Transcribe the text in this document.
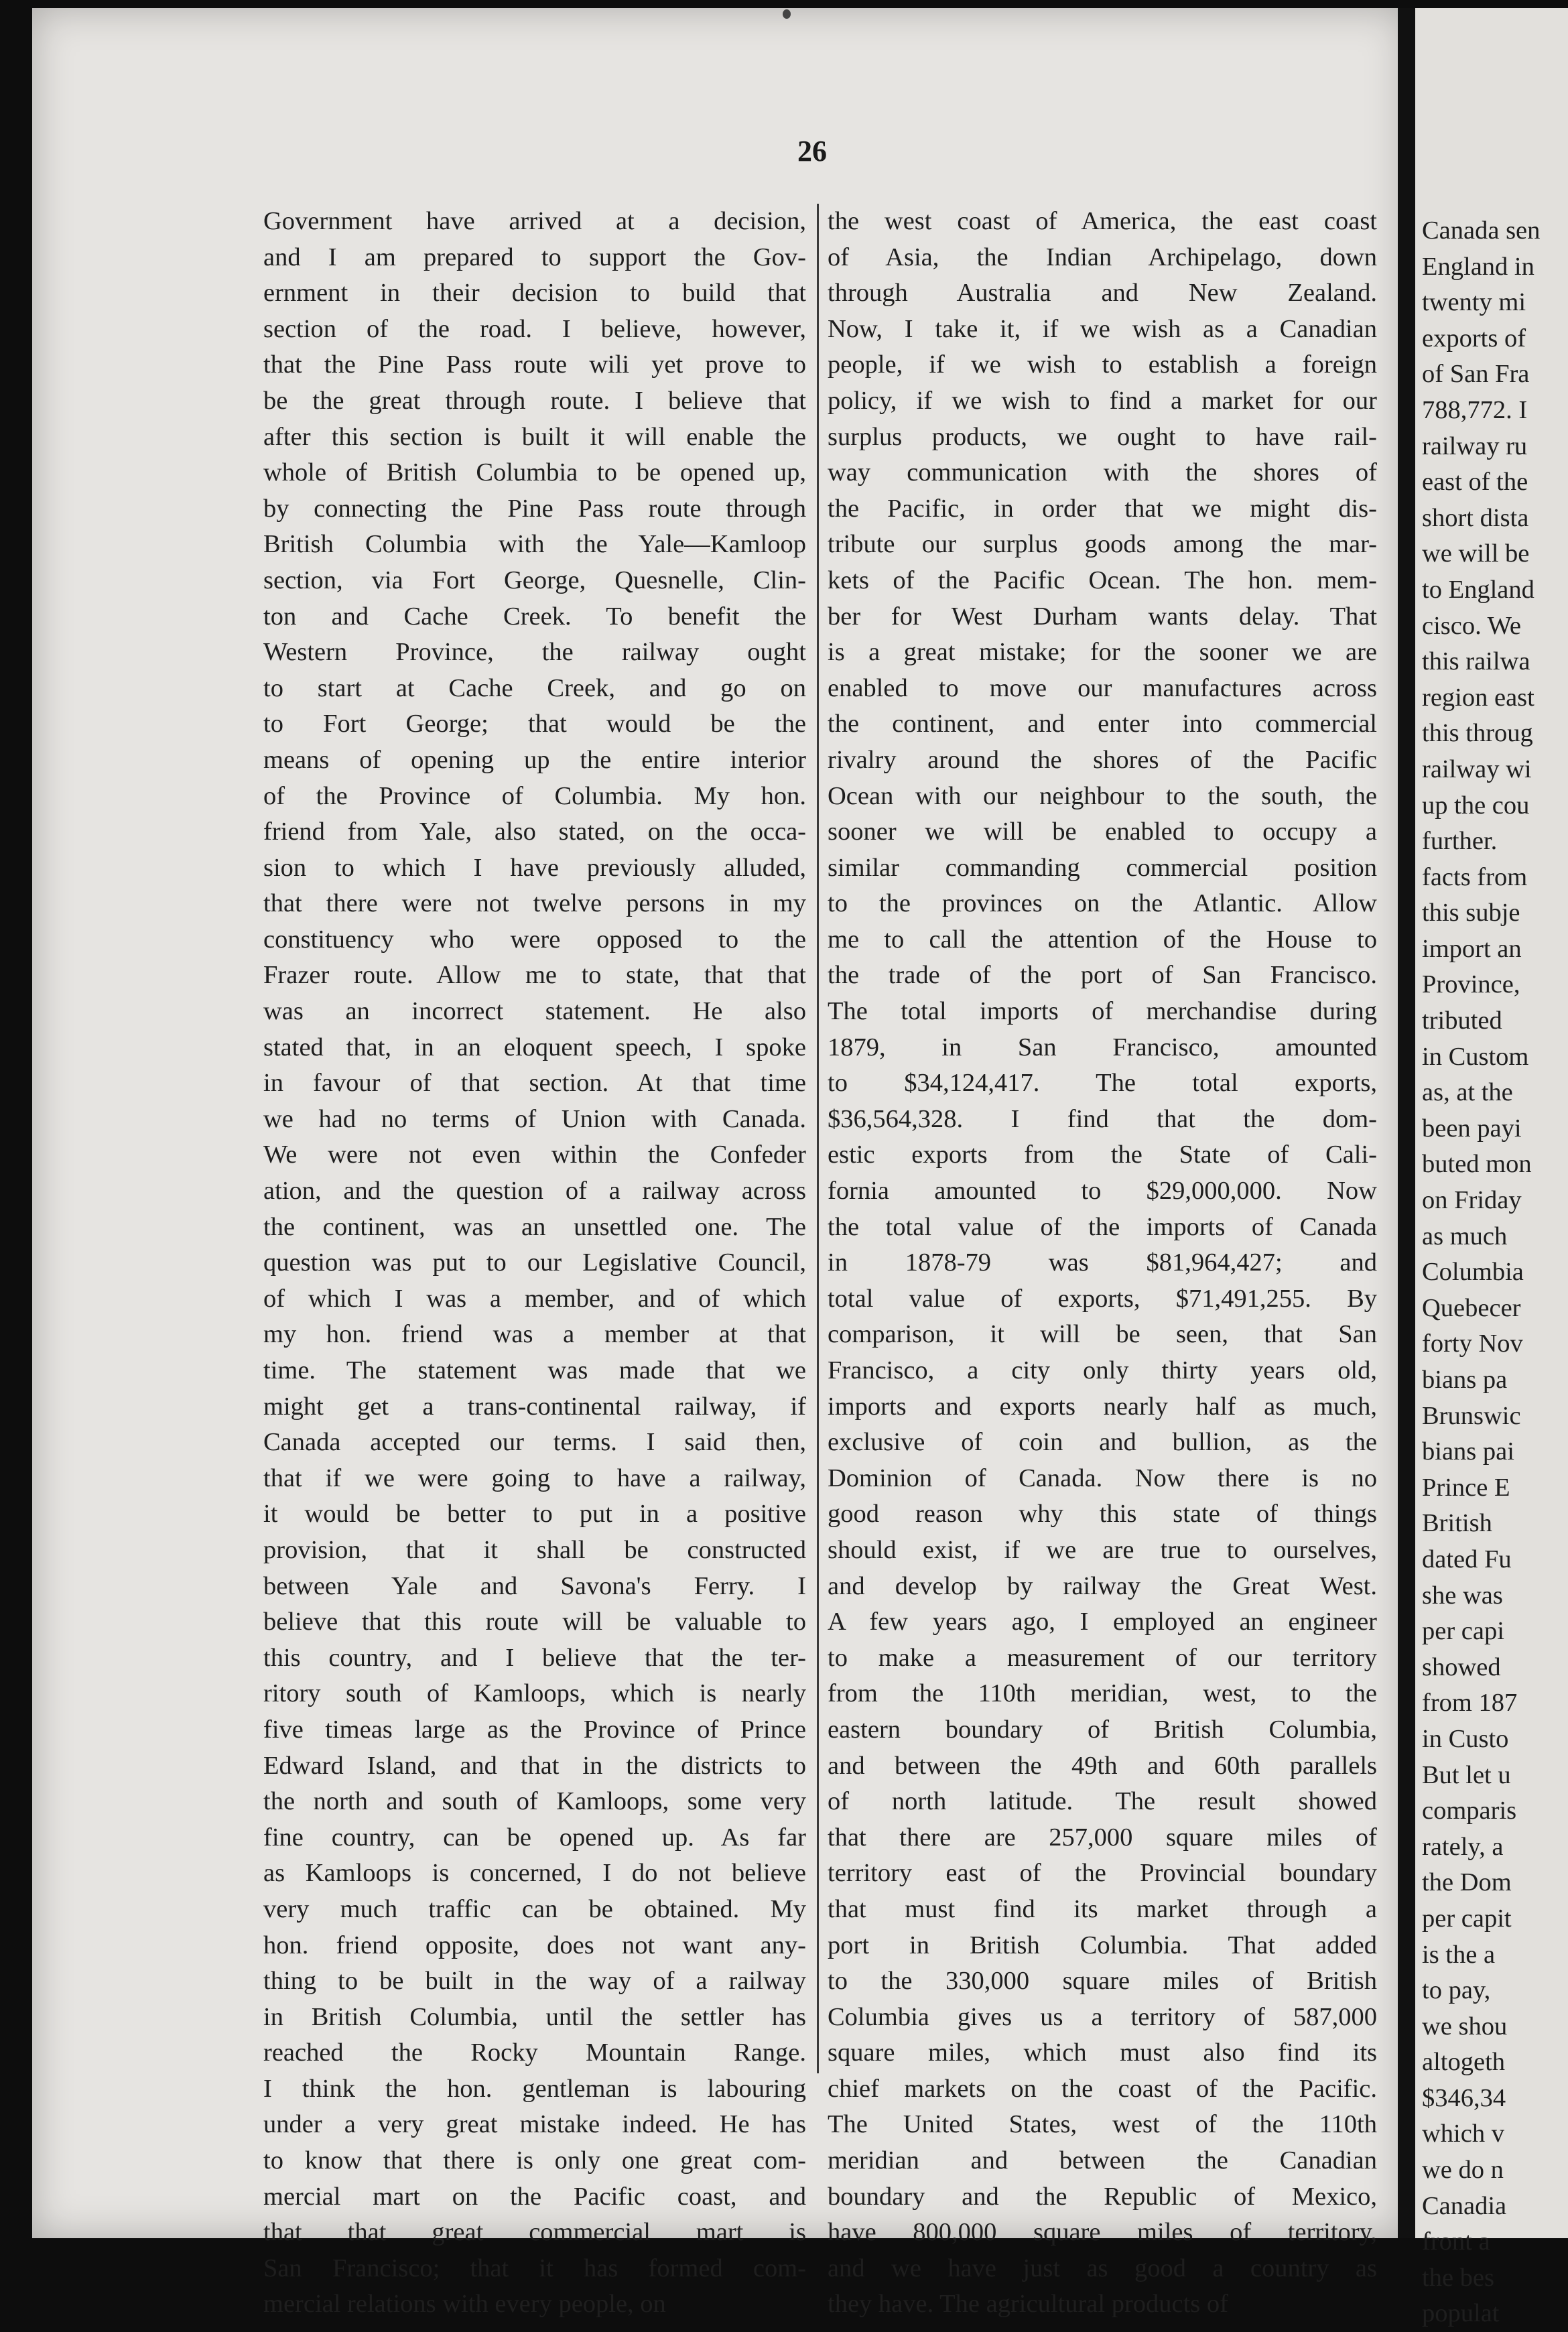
26
Government have arrived at a decision,
and I am prepared to support the Gov-
ernment in their decision to build that
section of the road. I believe, however,
that the Pine Pass route wili yet prove to
be the great through route. I believe that
after this section is built it will enable the
whole of British Columbia to be opened up,
by connecting the Pine Pass route through
British Columbia with the Yale—Kamloop
section, via Fort George, Quesnelle, Clin-
ton and Cache Creek. To benefit the
Western Province, the railway ought
to start at Cache Creek, and go on
to Fort George; that would be the
means of opening up the entire interior
of the Province of Columbia. My hon.
friend from Yale, also stated, on the occa-
sion to which I have previously alluded,
that there were not twelve persons in my
constituency who were opposed to the
Frazer route. Allow me to state, that that
was an incorrect statement. He also
stated that, in an eloquent speech, I spoke
in favour of that section. At that time
we had no terms of Union with Canada.
We were not even within the Confeder
ation, and the question of a railway across
the continent, was an unsettled one. The
question was put to our Legislative Council,
of which I was a member, and of which
my hon. friend was a member at that
time. The statement was made that we
might get a trans-continental railway, if
Canada accepted our terms. I said then,
that if we were going to have a railway,
it would be better to put in a positive
provision, that it shall be constructed
between Yale and Savona's Ferry. I
believe that this route will be valuable to
this country, and I believe that the ter-
ritory south of Kamloops, which is nearly
five timeas large as the Province of Prince
Edward Island, and that in the districts to
the north and south of Kamloops, some very
fine country, can be opened up. As far
as Kamloops is concerned, I do not believe
very much traffic can be obtained. My
hon. friend opposite, does not want any-
thing to be built in the way of a railway
in British Columbia, until the settler has
reached the Rocky Mountain Range.
I think the hon. gentleman is labouring
under a very great mistake indeed. He has
to know that there is only one great com-
mercial mart on the Pacific coast, and
that that great commercial mart is
San Francisco; that it has formed com-
mercial relations with every people, on
the west coast of America, the east coast
of Asia, the Indian Archipelago, down
through Australia and New Zealand.
Now, I take it, if we wish as a Canadian
people, if we wish to establish a foreign
policy, if we wish to find a market for our
surplus products, we ought to have rail-
way communication with the shores of
the Pacific, in order that we might dis-
tribute our surplus goods among the mar-
kets of the Pacific Ocean. The hon. mem-
ber for West Durham wants delay. That
is a great mistake; for the sooner we are
enabled to move our manufactures across
the continent, and enter into commercial
rivalry around the shores of the Pacific
Ocean with our neighbour to the south, the
sooner we will be enabled to occupy a
similar commanding commercial position
to the provinces on the Atlantic. Allow
me to call the attention of the House to
the trade of the port of San Francisco.
The total imports of merchandise during
1879, in San Francisco, amounted
to $34,124,417. The total exports,
$36,564,328. I find that the dom-
estic exports from the State of Cali-
fornia amounted to $29,000,000. Now
the total value of the imports of Canada
in 1878-79 was $81,964,427; and
total value of exports, $71,491,255. By
comparison, it will be seen, that San
Francisco, a city only thirty years old,
imports and exports nearly half as much,
exclusive of coin and bullion, as the
Dominion of Canada. Now there is no
good reason why this state of things
should exist, if we are true to ourselves,
and develop by railway the Great West.
A few years ago, I employed an engineer
to make a measurement of our territory
from the 110th meridian, west, to the
eastern boundary of British Columbia,
and between the 49th and 60th parallels
of north latitude. The result showed
that there are 257,000 square miles of
territory east of the Provincial boundary
that must find its market through a
port in British Columbia. That added
to the 330,000 square miles of British
Columbia gives us a territory of 587,000
square miles, which must also find its
chief markets on the coast of the Pacific.
The United States, west of the 110th
meridian and between the Canadian
boundary and the Republic of Mexico,
have 800,000 square miles of territory,
and we have just as good a country as
they have. The agricultural products of
Canada sen
England in
twenty mi
exports of
of San Fra
788,772. I
railway ru
east of the
short dista
we will be
to England
cisco. We
this railwa
region east
this throug
railway wi
up the cou
further.
facts from
this subje
import an
Province,
tributed
in Custom
as, at the
been payi
buted mon
on Friday
as much
Columbia
Quebecer
forty Nov
bians pa
Brunswic
bians pai
Prince E
British
dated Fu
she was
per capi
showed
from 187
in Custo
But let u
comparis
rately, a
the Dom
per capit
is the a
to pay,
we shou
altogeth
$346,34
which v
we do n
Canadia
front a
the bes
populat
